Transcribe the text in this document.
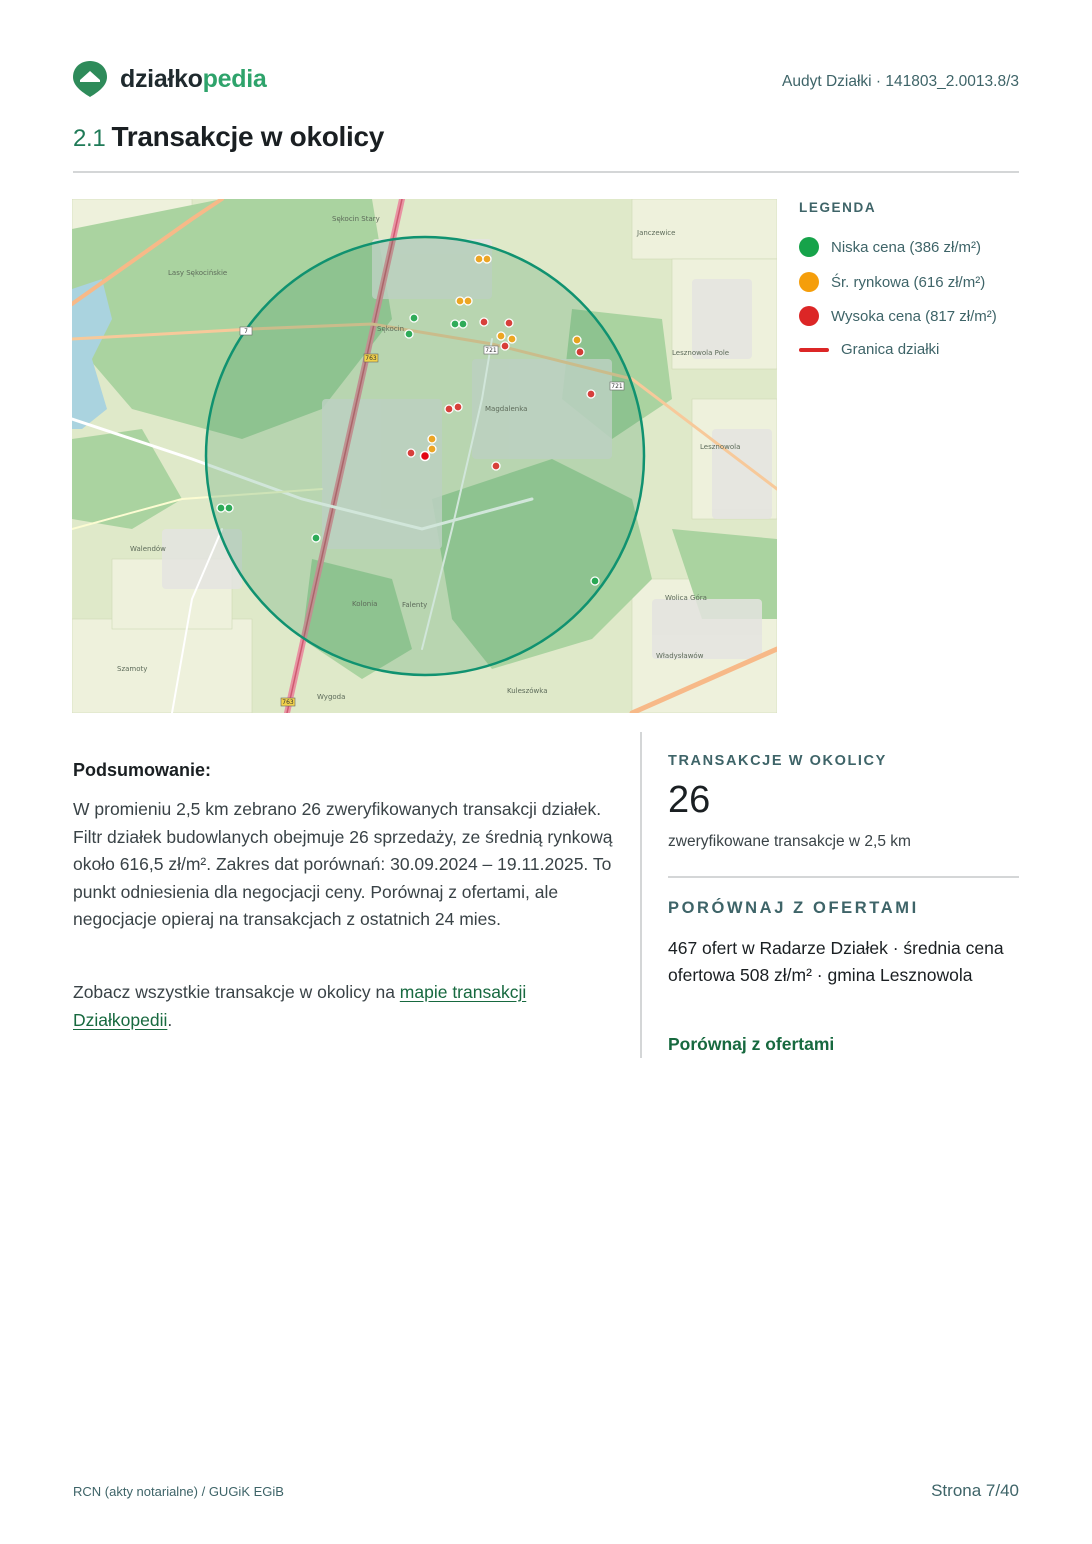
działkopedia	Audyt Działki · 141803_2.0013.8/3
2.1 Transakcje w okolicy
Sękocin Stary
Lasy Sękocińskie
Janczewice
Sękocin
Magdalenka
Lesznowola Pole
Lesznowola
Wolica Góra
Władysławów
Kolonia	Falenty
Walendów
Szamoty
Wygoda
Kuleszówka
721
7
763
763
721
LEGENDA
Niska cena (386 zł/m²)
Śr. rynkowa (616 zł/m²)
Wysoka cena (817 zł/m²)
Granica działki
Podsumowanie:

W promieniu 2,5 km zebrano 26 zweryfikowanych transakcji działek. Filtr działek budowlanych obejmuje 26 sprzedaży, ze średnią rynkową około 616,5 zł/m². Zakres dat porównań: 30.09.2024 – 19.11.2025. To punkt odniesienia dla negocjacji ceny. Porównaj z ofertami, ale negocjacje opieraj na transakcjach z ostatnich 24 mies.

Zobacz wszystkie transakcje w okolicy na mapie transakcji Działkopedii.

TRANSAKCJE W OKOLICY
26
zweryfikowane transakcje w 2,5 km
PORÓWNAJ Z OFERTAMI

467 ofert w Radarze Działek · średnia cena ofertowa 508 zł/m² · gmina Lesznowola

Porównaj z ofertami
RCN (akty notarialne) / GUGiK EGiB	Strona 7/40
